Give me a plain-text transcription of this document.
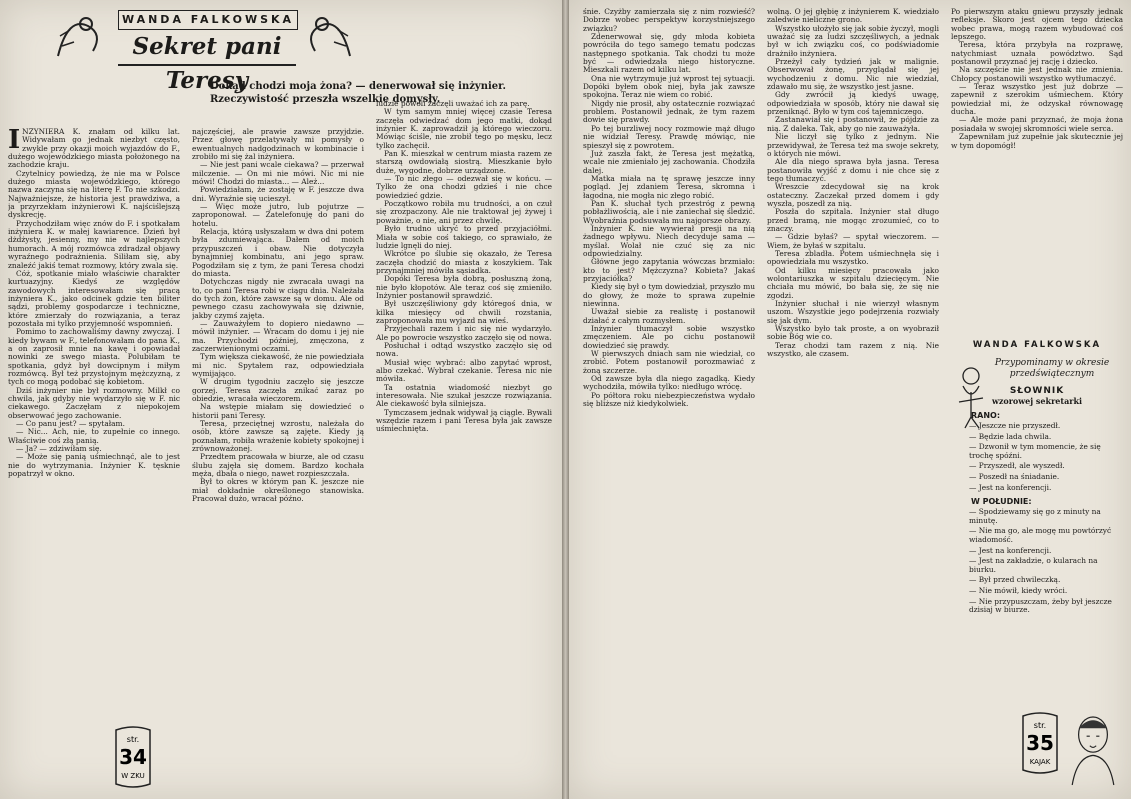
WANDA FALKOWSKA
Sekret pani Teresy
Dokąd chodzi moja żona? — denerwował się inżynier. Rzeczywistość przeszła wszelkie domysły.
I NŻYNIERA K. znałam od kilku lat. Widywałam go jednak niezbyt często, zwykle przy okazji moich wyjazdów do F., dużego wojewódzkiego miasta położonego na zachodzie kraju.

Czytelnicy powiedzą, że nie ma w Polsce dużego miasta wojewódzkiego, którego nazwa zaczyna się na literę F. To nie szkodzi. Najważniejsze, że historia jest prawdziwa, a ja przyrzekłam inżynierowi K. najściślejszą dyskrecję.

Przychodziłam więc znów do F. i spotkałam inżyniera K. w małej kawiarence. Dzień był dżdżysty, jesienny, my nie w najlepszych humorach. A mój rozmówca zdradzał objawy wyraźnego podrażnienia. Siliłam się, aby znaleźć jakiś temat rozmowy, który zwala się.

Cóż, spotkanie miało właściwie charakter kurtuazyjny. Kiedyś ze względów zawodowych interesowałam się pracą inżyniera K., jako odcinek gdzie ten biliter sądzi, problemy gospodarcze i techniczne, które zmierzały do rozwiązania, a teraz pozostała mi tylko przyjemność wspomnień.

Pomimo to zachowaliśmy dawny zwyczaj. I kiedy bywam w F., telefonowałam do pana K., a on zaprosił mnie na kawę i opowiadał nowinki ze swego miasta. Polubiłam te spotkania, gdyż był dowcipnym i miłym rozmówcą. Był też przystojnym mężczyzną, z tych co mogą podobać się kobietom.

Dziś inżynier nie był rozmowny. Milkł co chwila, jak gdyby nie wydarzyło się w F. nic ciekawego. Zaczęłam z niepokojem obserwować jego zachowanie.

— Co panu jest? — spytałam.

— Nic... Ach, nie, to zupełnie co innego. Właściwie coś złą panią.

— Ja? — zdziwiłam się.

— Może się panią uśmiechnąć, ale to jest nie do wytrzymania. Inżynier K. tęsknie popatrzył w okno.

najczęściej, ale prawie zawsze przyjdzie. Przez głowę przelatywały mi pomysły o ewentualnych nadgodzinach w kombinacie i zrobiło mi się żal inżyniera.

— Nie jest pani wcale ciekawa? — przerwał milczenie. — On mi nie mówi. Nic mi nie mówi! Chodzi do miasta... — Ależ...

Powiedziałam, że zostaję w F. jeszcze dwa dni. Wyraźnie się ucieszył.

— Więc może jutro, lub pojutrze — zaproponował. — Zatelefonuję do pani do hotelu.

Relacja, którą usłyszałam w dwa dni potem była zdumiewająca. Dałem od moich przypuszczeń i obaw. Nie dotyczyła bynajmniej kombinatu, ani jego spraw. Pogodziłam się z tym, że pani Teresa chodzi do miasta.

Dotychczas nigdy nie zwracała uwagi na to, co pani Teresa robi w ciągu dnia. Należała do tych żon, które zawsze są w domu. Ale od pewnego czasu zachowywała się dziwnie, jakby czymś zajęta.

— Zauważyłem to dopiero niedawno — mówił inżynier. — Wracam do domu i jej nie ma. Przychodzi później, zmęczona, z zaczerwienionymi oczami.

Tym większa ciekawość, że nie powiedziała mi nic. Spytałem raz, odpowiedziała wymijająco.

W drugim tygodniu zaczęło się jeszcze gorzej. Teresa zaczęła znikać zaraz po obiedzie, wracała wieczorem.

Na wstępie miałam się dowiedzieć o historii pani Teresy.

Teresa, przeciętnej wzrostu, należała do osób, które zawsze są zajęte. Kiedy ją poznałam, robiła wrażenie kobiety spokojnej i zrównoważonej.

Przedtem pracowała w biurze, ale od czasu ślubu zajęła się domem. Bardzo kochała męża, dbała o niego, nawet rozpieszczała.

Był to okres w którym pan K. jeszcze nie miał dokładnie określonego stanowiska. Pracował dużo, wracał późno.

ludzie powoli zaczęli uważać ich za parę.

W tym samym mniej więcej czasie Teresa zaczęła odwiedzać dom jego matki, dokąd inżynier K. zaprowadził ją którego wieczoru. Mówiąc ściśle, nie zrobił tego po męsku, lecz tylko zachęcił.

Pan K. mieszkał w centrum miasta razem ze starszą owdowiałą siostrą. Mieszkanie było duże, wygodne, dobrze urządzone.

— To nic złego — odezwał się w końcu. — Tylko że ona chodzi gdzieś i nie chce powiedzieć gdzie.

Początkowo robiła mu trudności, a on czuł się zrozpaczony. Ale nie traktował jej żywej i poważnie, o nie, ani przez chwilę.

Było trudno ukryć to przed przyjaciółmi. Miała w sobie coś takiego, co sprawiało, że ludzie lgnęli do niej.

Wkrótce po ślubie się okazało, że Teresa zaczęła chodzić do miasta z koszykiem. Tak przynajmniej mówiła sąsiadka.

Dopóki Teresa była dobrą, posłuszną żoną, nie było kłopotów. Ale teraz coś się zmieniło. Inżynier postanowił sprawdzić.

Był uszczęśliwiony gdy któregoś dnia, w kilka miesięcy od chwili rozstania, zaproponowała mu wyjazd na wieś.

Przyjechali razem i nic się nie wydarzyło. Ale po powrocie wszystko zaczęło się od nowa.

Posłuchał i odtąd wszystko zaczęło się od nowa.

Musiał więc wybrać: albo zapytać wprost, albo czekać. Wybrał czekanie. Teresa nic nie mówiła.

Ta ostatnia wiadomość niezbyt go interesowała. Nie szukał jeszcze rozwiązania. Ale ciekawość była silniejsza.

Tymczasem jednak widywał ją ciągle. Bywali wszędzie razem i pani Teresa była jak zawsze uśmiechnięta.

str.
34
W ZKU

śnie. Czyżby zamierzała się z nim rozwieść? Dobrze wobec perspektyw korzystniejszego związku?

Zdenerwował się, gdy młoda kobieta powróciła do tego samego tematu podczas następnego spotkania. Tak chodzi tu może być — odwiedzała niego historyczne. Mieszkali razem od kilku lat.

Ona nie wytrzymuje już wprost tej sytuacji. Dopóki byłem obok niej, była jak zawsze spokojna. Teraz nie wiem co robić.

Nigdy nie prosił, aby ostatecznie rozwiązać problem. Postanowił jednak, że tym razem dowie się prawdy.

Po tej burzliwej nocy rozmowie mąż długo nie widział Teresy. Prawdę mówiąc, nie spieszył się z powrotem.

Już zaszła fakt, że Teresa jest mężatką, wcale nie zmieniało jej zachowania. Chodziła dalej.

Matka miała na tę sprawę jeszcze inny pogląd. Jej zdaniem Teresa, skromna i łagodna, nie mogła nic złego robić.

Pan K. słuchał tych przestróg z pewną pobłażliwością, ale i nie zaniechał się śledzić. Wyobraźnia podsuwała mu najgorsze obrazy.

Inżynier K. nie wywierał presji na nią żadnego wpływu. Niech decyduje sama — myślał. Wolał nie czuć się za nic odpowiedzialny.

Główne jego zapytania wówczas brzmiało: kto to jest? Mężczyzna? Kobieta? Jakaś przyjaciółka?

Kiedy się był o tym dowiedział, przyszło mu do głowy, że może to sprawa zupełnie niewinna.

Uważał siebie za realistę i postanowił działać z całym rozmysłem.

Inżynier tłumaczył sobie wszystko zmęczeniem. Ale po cichu postanowił dowiedzieć się prawdy.

W pierwszych dniach sam nie wiedział, co zrobić. Potem postanowił porozmawiać z żoną szczerze.

Od zawsze była dla niego zagadką. Kiedy wychodziła, mówiła tylko: niedługo wrócę.

Po półtora roku niebezpieczeństwa wydało się bliższe niż kiedykolwiek.

wolną. O jej głębię z inżynierem K. wiedziało zaledwie nieliczne grono.

Wszystko ułożyło się jak sobie życzył, mogli uważać się za ludzi szczęśliwych, a jednak był w ich związku coś, co podświadomie drażniło inżyniera.

Przeżył cały tydzień jak w malignie. Obserwował żonę, przyglądał się jej wychodzeniu z domu. Nic nie wiedział, zdawało mu się, że wszystko jest jasne.

Gdy zwrócił ją kiedyś uwagę, odpowiedziała w sposób, który nie dawał się przeniknąć. Było w tym coś tajemniczego.

Zastanawiał się i postanowił, że pójdzie za nią. Z daleka. Tak, aby go nie zauważyła.

Nie liczył się tylko z jednym. Nie przewidywał, że Teresa też ma swoje sekrety, o których nie mówi.

Ale dla niego sprawa była jasna. Teresa postanowiła wyjść z domu i nie chce się z tego tłumaczyć.

Wreszcie zdecydował się na krok ostateczny. Zaczekał przed domem i gdy wyszła, poszedł za nią.

Poszła do szpitala. Inżynier stał długo przed bramą, nie mogąc zrozumieć, co to znaczy.

— Gdzie byłaś? — spytał wieczorem. — Wiem, że byłaś w szpitalu.

Teresa zbladła. Potem uśmiechnęła się i opowiedziała mu wszystko.

Od kilku miesięcy pracowała jako wolontariuszka w szpitalu dziecięcym. Nie chciała mu mówić, bo bała się, że się nie zgodzi.

Inżynier słuchał i nie wierzył własnym uszom. Wszystkie jego podejrzenia rozwiały się jak dym.

Wszystko było tak proste, a on wyobraził sobie Bóg wie co.

Teraz chodzi tam razem z nią. Nie wszystko, ale czasem.

Po pierwszym ataku gniewu przyszły jednak refleksje. Skoro jest ojcem tego dziecka wobec prawa, mogą razem wybudować coś lepszego.

Teresa, która przybyła na rozprawę, natychmiast uznała powództwo. Sąd postanowił przyznać jej rację i dziecko.

Na szczęście nie jest jednak nie zmienia. Chłopcy postanowili wszystko wytłumaczyć.

— Teraz wszystko jest już dobrze — zapewnił z szerokim uśmiechem. Który powiedział mi, że odzyskał równowagę ducha.

— Ale może pani przyznać, że moja żona posiadała w swojej skromności wiele serca.

Zapewniłam już zupełnie jak skutecznie jej w tym dopomógł!

WANDA FALKOWSKA
Przypominamy w okresie przedświątecznym
SŁOWNIK
wzorowej sekretarki
RANO:
— Jeszcze nie przyszedł.
— Będzie lada chwila.
— Dzwonił w tym momencie, że się trochę spóźni.
— Przyszedł, ale wyszedł.
— Poszedł na śniadanie.
— Jest na konferencji.
W POŁUDNIE:
— Spodziewamy się go z minuty na minutę.
— Nie ma go, ale mogę mu powtórzyć wiadomość.
— Jest na konferencji.
— Jest na zakładzie, o kularach na biurku.
— Był przed chwileczką.
— Nie mówił, kiedy wróci.
— Nie przypuszczam, żeby był jeszcze dzisiaj w biurze.
str.
35
KAJAK
